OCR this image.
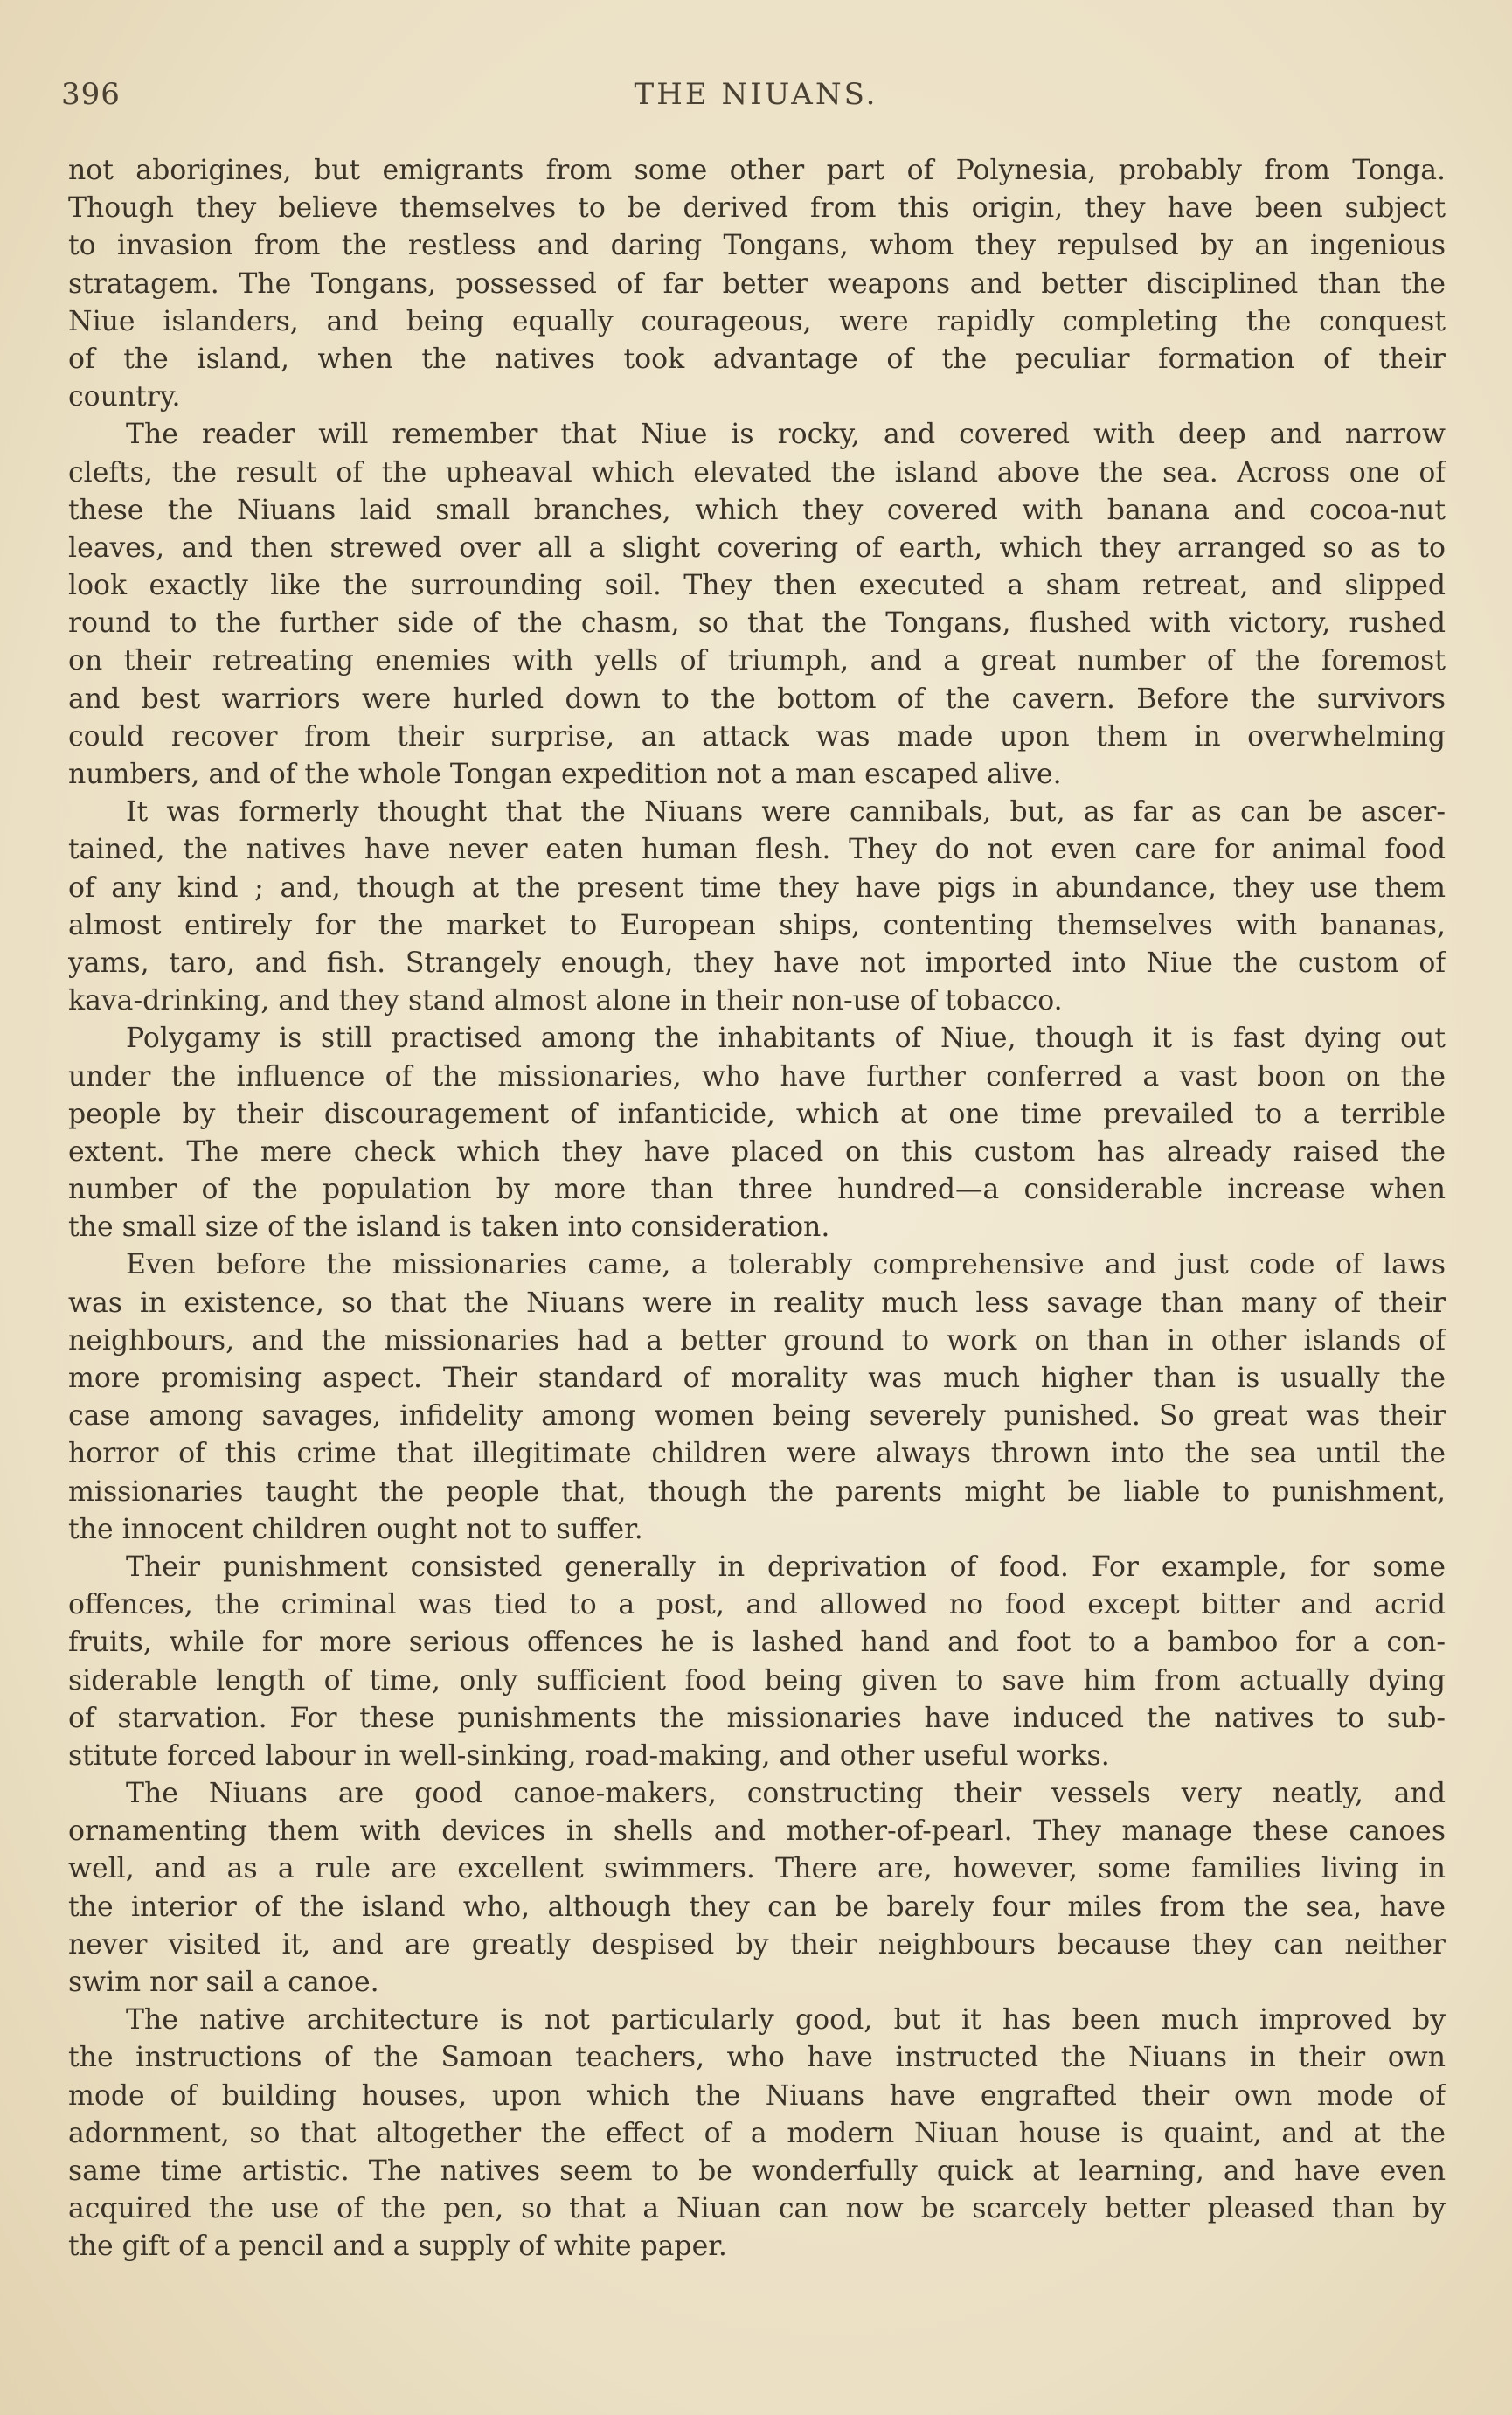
396	THE NIUANS.
not aborigines, but emigrants from some other part of Polynesia, probably from Tonga.
Though they believe themselves to be derived from this origin, they have been subject
to invasion from the restless and daring Tongans, whom they repulsed by an ingenious
stratagem. The Tongans, possessed of far better weapons and better disciplined than the
Niue islanders, and being equally courageous, were rapidly completing the conquest
of the island, when the natives took advantage of the peculiar formation of their
country.
The reader will remember that Niue is rocky, and covered with deep and narrow
clefts, the result of the upheaval which elevated the island above the sea. Across one of
these the Niuans laid small branches, which they covered with banana and cocoa-nut
leaves, and then strewed over all a slight covering of earth, which they arranged so as to
look exactly like the surrounding soil. They then executed a sham retreat, and slipped
round to the further side of the chasm, so that the Tongans, flushed with victory, rushed
on their retreating enemies with yells of triumph, and a great number of the foremost
and best warriors were hurled down to the bottom of the cavern. Before the survivors
could recover from their surprise, an attack was made upon them in overwhelming
numbers, and of the whole Tongan expedition not a man escaped alive.
It was formerly thought that the Niuans were cannibals, but, as far as can be ascer-
tained, the natives have never eaten human flesh. They do not even care for animal food
of any kind ; and, though at the present time they have pigs in abundance, they use them
almost entirely for the market to European ships, contenting themselves with bananas,
yams, taro, and fish. Strangely enough, they have not imported into Niue the custom of
kava-drinking, and they stand almost alone in their non-use of tobacco.
Polygamy is still practised among the inhabitants of Niue, though it is fast dying out
under the influence of the missionaries, who have further conferred a vast boon on the
people by their discouragement of infanticide, which at one time prevailed to a terrible
extent. The mere check which they have placed on this custom has already raised the
number of the population by more than three hundred—a considerable increase when
the small size of the island is taken into consideration.
Even before the missionaries came, a tolerably comprehensive and just code of laws
was in existence, so that the Niuans were in reality much less savage than many of their
neighbours, and the missionaries had a better ground to work on than in other islands of
more promising aspect. Their standard of morality was much higher than is usually the
case among savages, infidelity among women being severely punished. So great was their
horror of this crime that illegitimate children were always thrown into the sea until the
missionaries taught the people that, though the parents might be liable to punishment,
the innocent children ought not to suffer.
Their punishment consisted generally in deprivation of food. For example, for some
offences, the criminal was tied to a post, and allowed no food except bitter and acrid
fruits, while for more serious offences he is lashed hand and foot to a bamboo for a con-
siderable length of time, only sufficient food being given to save him from actually dying
of starvation. For these punishments the missionaries have induced the natives to sub-
stitute forced labour in well-sinking, road-making, and other useful works.
The Niuans are good canoe-makers, constructing their vessels very neatly, and
ornamenting them with devices in shells and mother-of-pearl. They manage these canoes
well, and as a rule are excellent swimmers. There are, however, some families living in
the interior of the island who, although they can be barely four miles from the sea, have
never visited it, and are greatly despised by their neighbours because they can neither
swim nor sail a canoe.
The native architecture is not particularly good, but it has been much improved by
the instructions of the Samoan teachers, who have instructed the Niuans in their own
mode of building houses, upon which the Niuans have engrafted their own mode of
adornment, so that altogether the effect of a modern Niuan house is quaint, and at the
same time artistic. The natives seem to be wonderfully quick at learning, and have even
acquired the use of the pen, so that a Niuan can now be scarcely better pleased than by
the gift of a pencil and a supply of white paper.
